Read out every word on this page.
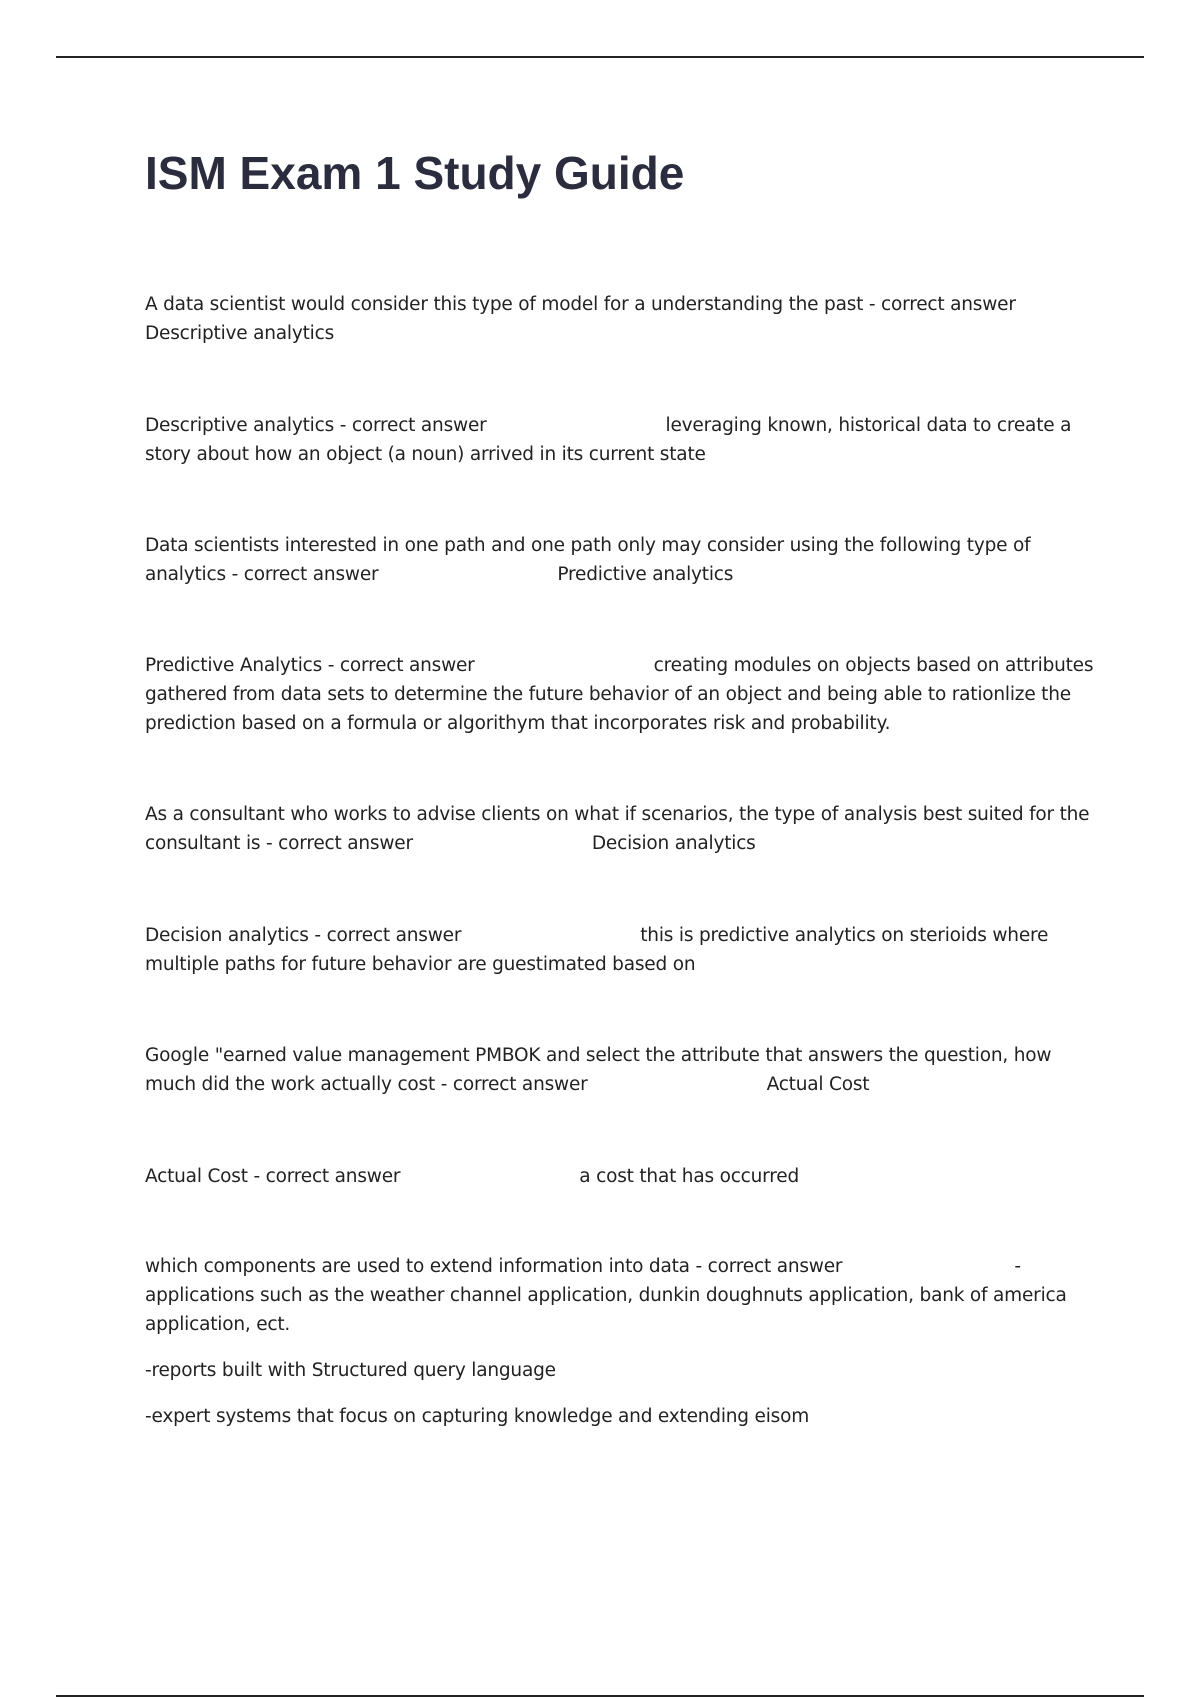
ISM Exam 1 Study Guide
A data scientist would consider this type of model for a understanding the past - correct answer
Descriptive analytics
Descriptive analytics - correct answer	leveraging known, historical data to create a
story about how an object (a noun) arrived in its current state
Data scientists interested in one path and one path only may consider using the following type of
analytics - correct answer	Predictive analytics
Predictive Analytics - correct answer	creating modules on objects based on attributes
gathered from data sets to determine the future behavior of an object and being able to rationlize the
prediction based on a formula or algorithym that incorporates risk and probability.
As a consultant who works to advise clients on what if scenarios, the type of analysis best suited for the
consultant is - correct answer	Decision analytics
Decision analytics - correct answer	this is predictive analytics on sterioids where
multiple paths for future behavior are guestimated based on
Google "earned value management PMBOK and select the attribute that answers the question, how
much did the work actually cost - correct answer	Actual Cost
Actual Cost - correct answer	a cost that has occurred
which components are used to extend information into data - correct answer	-
applications such as the weather channel application, dunkin doughnuts application, bank of america
application, ect.

-reports built with Structured query language

-expert systems that focus on capturing knowledge and extending eisom
